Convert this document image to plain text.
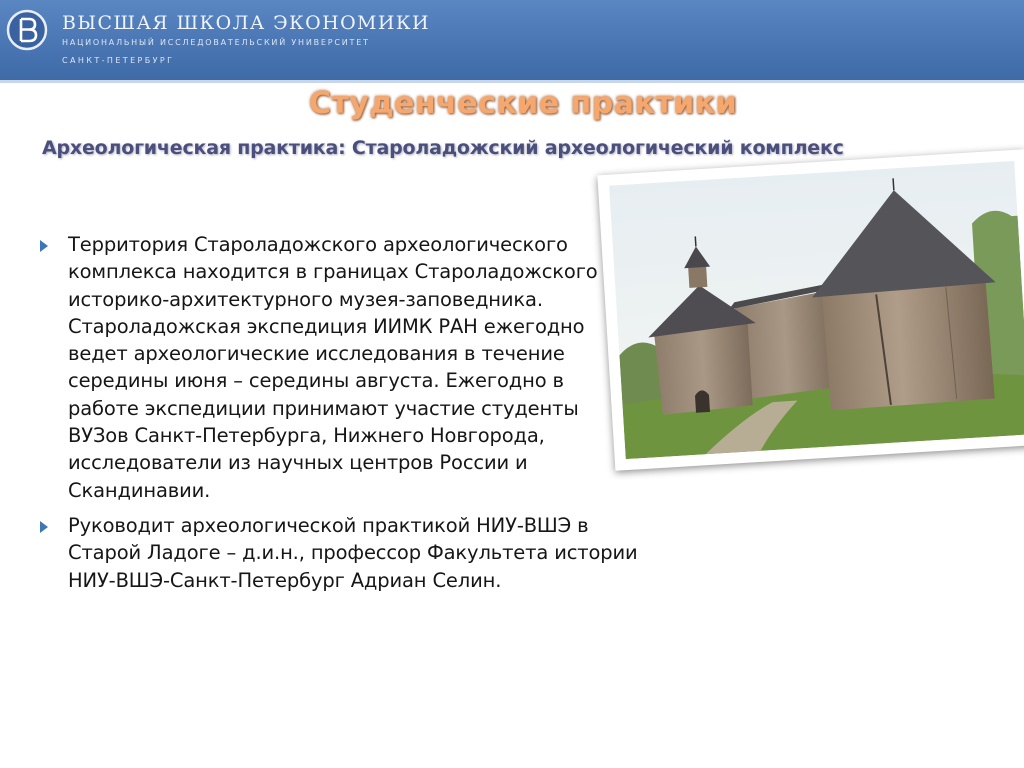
ВЫСШАЯ ШКОЛА ЭКОНОМИКИ
НАЦИОНАЛЬНЫЙ ИССЛЕДОВАТЕЛЬСКИЙ УНИВЕРСИТЕТ
САНКТ-ПЕТЕРБУРГ
Студенческие практики
Археологическая практика: Староладожский археологический комплекс
Территория Староладожского археологического комплекса находится в границах Староладожского историко-архитектурного музея-заповедника. Староладожская экспедиция ИИМК РАН ежегодно ведет археологические исследования в течение середины июня – середины августа. Ежегодно в работе экспедиции принимают участие студенты ВУЗов Санкт-Петербурга, Нижнего Новгорода, исследователи из научных центров России и Скандинавии.
Руководит археологической практикой НИУ-ВШЭ в Старой Ладоге – д.и.н., профессор Факультета истории НИУ-ВШЭ-Санкт-Петербург Адриан Селин.
